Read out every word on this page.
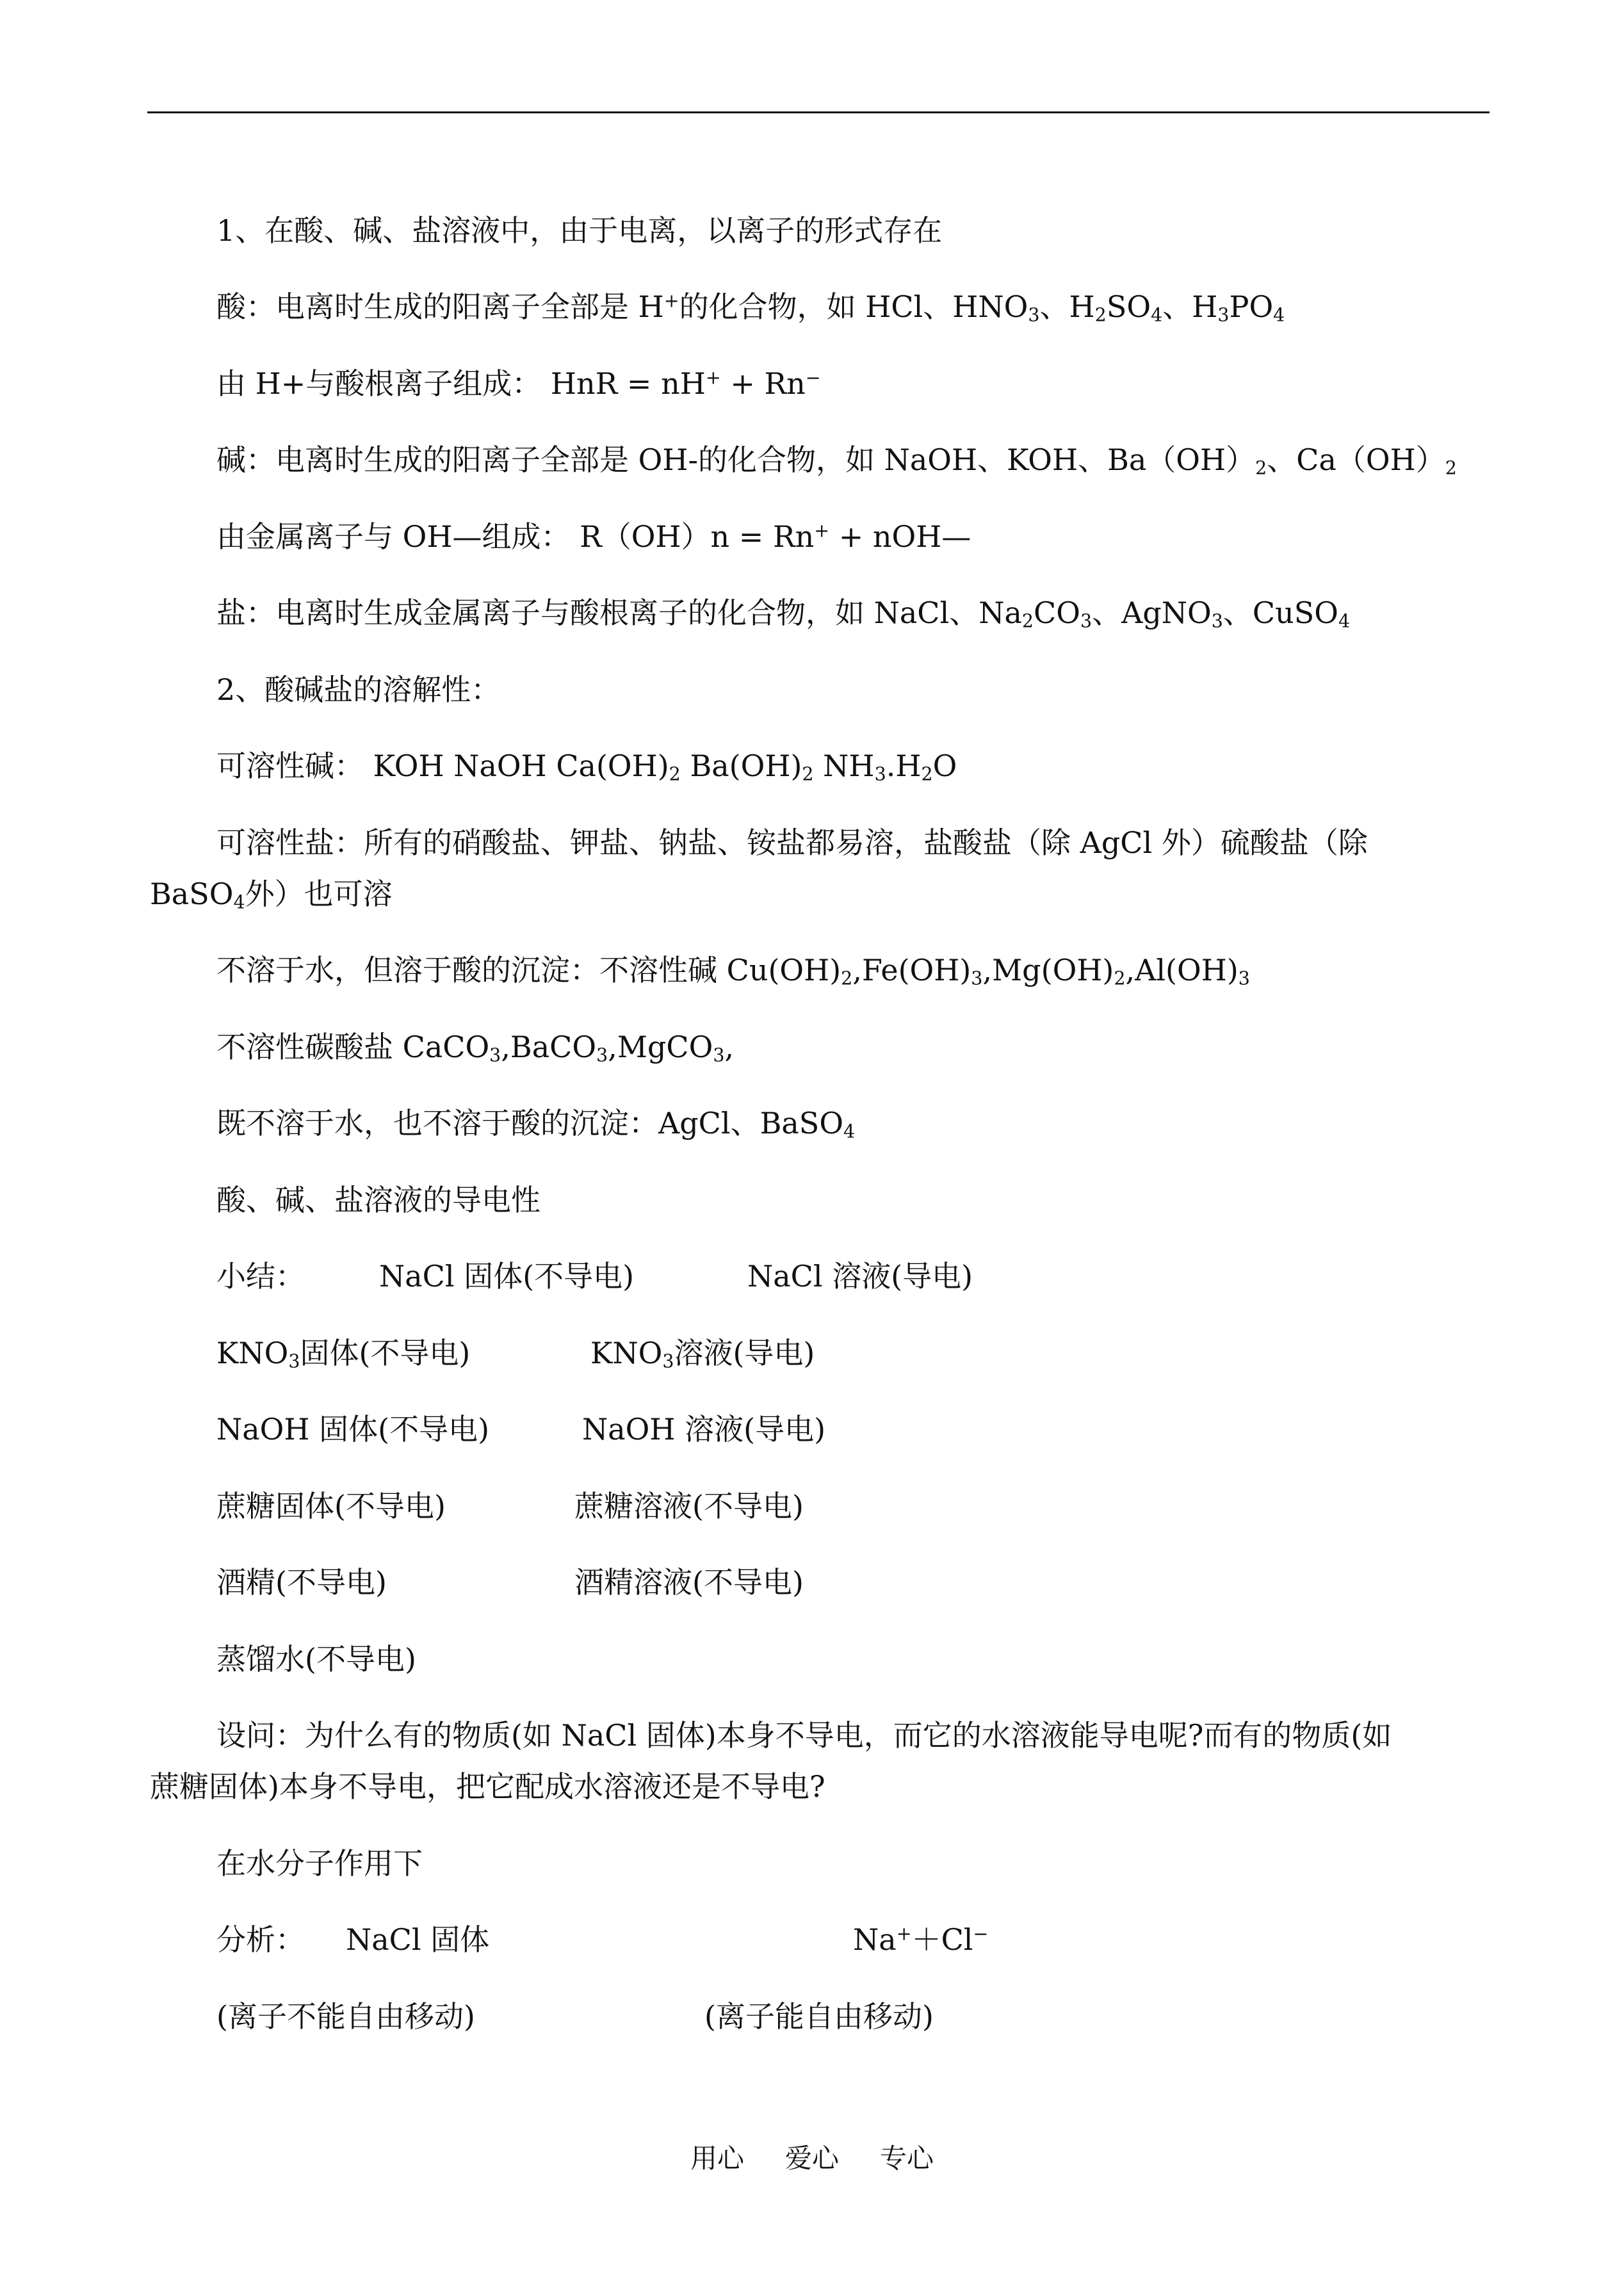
1、在酸、碱、盐溶液中，由于电离，以离子的形式存在
酸：电离时生成的阳离子全部是 H+的化合物，如 HCl、$HNO_3$、$H_2SO_4$、$H_3PO_4$
由 H+与酸根离子组成： HnR = nH+ + Rn−
碱：电离时生成的阳离子全部是 OH-的化合物，如 NaOH、KOH、$Ba(OH)_2$、$Ca(OH)_2$
由金属离子与 OH—组成： R（OH）n = Rn+ + nOH—
盐：电离时生成金属离子与酸根离子的化合物，如 NaCl、$Na_2CO_3$、AgNO$_3$、CuSO$_4$
2、酸碱盐的溶解性：
可溶性碱： KOH NaOH $Ca(OH)_2$ $Ba(OH)_2$ $NH_3.H_2O$
可溶性盐：所有的硝酸盐、钾盐、钠盐、铵盐都易溶，盐酸盐（除 AgCl 外）硫酸盐（除
BaSO$_4$外）也可溶
不溶于水，但溶于酸的沉淀：不溶性碱 $Cu(OH)_2,Fe(OH)_3,Mg(OH)_2,Al(OH)_3$
不溶性碳酸盐 CaCO$_3$,BaCO$_3$,MgCO$_3$,
既不溶于水，也不溶于酸的沉淀：AgCl、BaSO$_4$
酸、碱、盐溶液的导电性
小结：	NaCl 固体(不导电)	NaCl 溶液(导电)
$KNO_3$固体(不导电)	$KNO_3$溶液(导电)
NaOH 固体(不导电)	NaOH 溶液(导电)
蔗糖固体(不导电)	蔗糖溶液(不导电)
酒精(不导电)	酒精溶液(不导电)
蒸馏水(不导电)
设问：为什么有的物质(如 NaCl 固体)本身不导电，而它的水溶液能导电呢?而有的物质(如
蔗糖固体)本身不导电，把它配成水溶液还是不导电?
在水分子作用下
分析： NaCl 固体	Na+＋Cl−
(离子不能自由移动)	(离子能自由移动)
用心 爱心 专心
